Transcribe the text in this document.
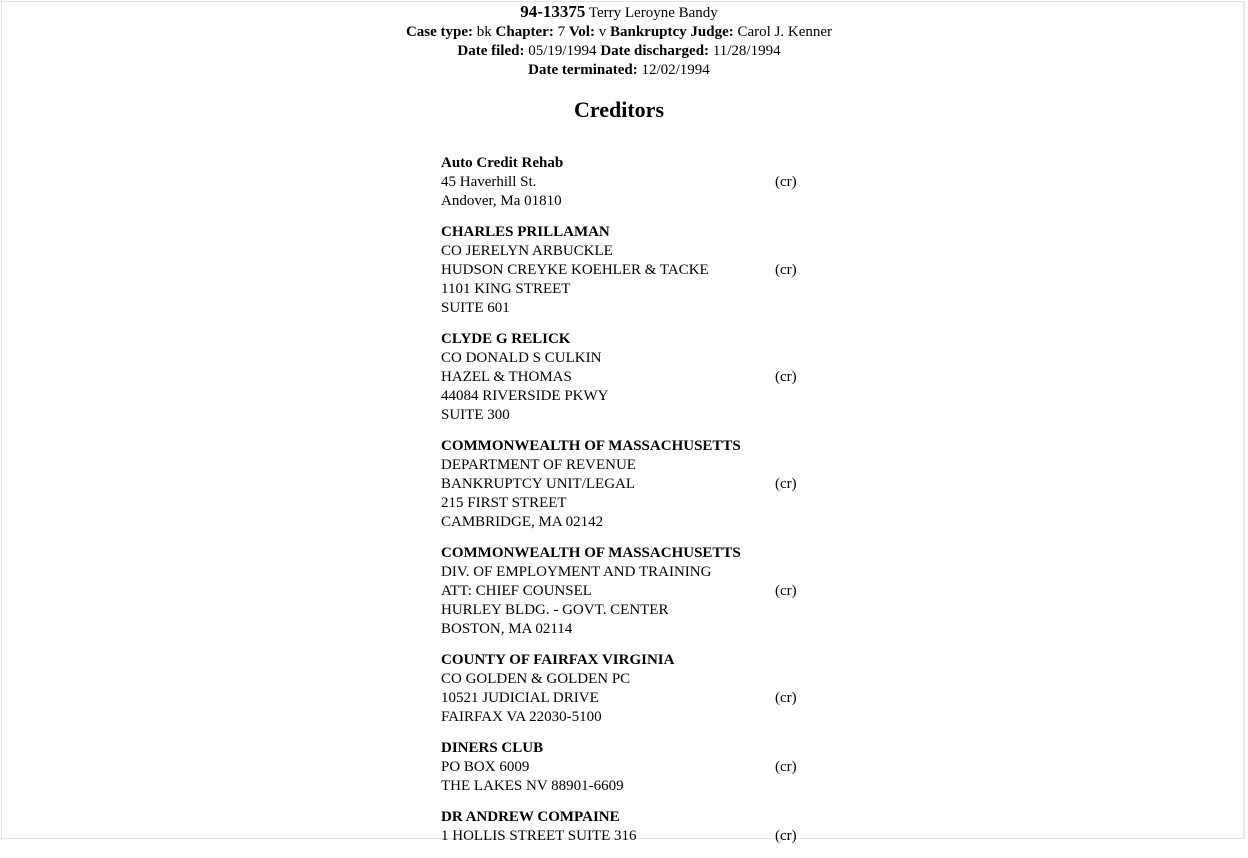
94-13375 Terry Leroyne Bandy
Case type: bk Chapter: 7 Vol: v Bankruptcy Judge: Carol J. Kenner
Date filed: 05/19/1994 Date discharged: 11/28/1994
Date terminated: 12/02/1994
Creditors
Auto Credit Rehab
45 Haverhill St.
Andover, Ma 01810
(cr)
CHARLES PRILLAMAN
CO JERELYN ARBUCKLE
HUDSON CREYKE KOEHLER & TACKE
1101 KING STREET
SUITE 601
(cr)
CLYDE G RELICK
CO DONALD S CULKIN
HAZEL & THOMAS
44084 RIVERSIDE PKWY
SUITE 300
(cr)
COMMONWEALTH OF MASSACHUSETTS
DEPARTMENT OF REVENUE
BANKRUPTCY UNIT/LEGAL
215 FIRST STREET
CAMBRIDGE, MA 02142
(cr)
COMMONWEALTH OF MASSACHUSETTS
DIV. OF EMPLOYMENT AND TRAINING
ATT: CHIEF COUNSEL
HURLEY BLDG. - GOVT. CENTER
BOSTON, MA 02114
(cr)
COUNTY OF FAIRFAX VIRGINIA
CO GOLDEN & GOLDEN PC
10521 JUDICIAL DRIVE
FAIRFAX VA 22030-5100
(cr)
DINERS CLUB
PO BOX 6009
THE LAKES NV 88901-6609
(cr)
DR ANDREW COMPAINE
1 HOLLIS STREET SUITE 316	(cr)
